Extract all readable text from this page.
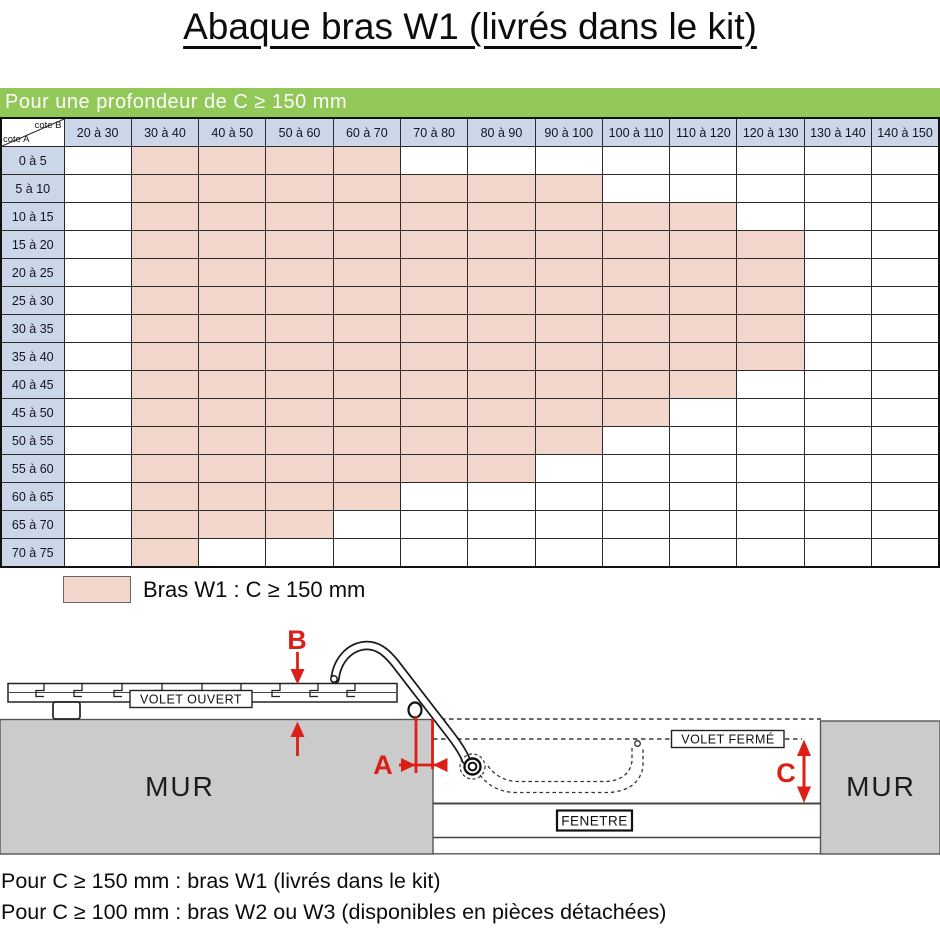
Abaque bras W1 (livrés dans le kit)
Pour une profondeur de C ≥ 150 mm
cote B
cote A	20 à 30	30 à 40	40 à 50	50 à 60	60 à 70	70 à 80	80 à 90	90 à 100	100 à 110	110 à 120	120 à 130	130 à 140	140 à 150
0 à 5													
5 à 10													
10 à 15													
15 à 20													
20 à 25													
25 à 30													
30 à 35													
35 à 40													
40 à 45													
45 à 50													
50 à 55													
55 à 60													
60 à 65													
65 à 70													
70 à 75													
Bras W1 : C ≥ 150 mm
VOLET OUVERT
VOLET FERMÉ
FENETRE
MUR	MUR
B
A	C
Pour C ≥ 150 mm : bras W1 (livrés dans le kit)
Pour C ≥ 100 mm : bras W2 ou W3 (disponibles en pièces détachées)
